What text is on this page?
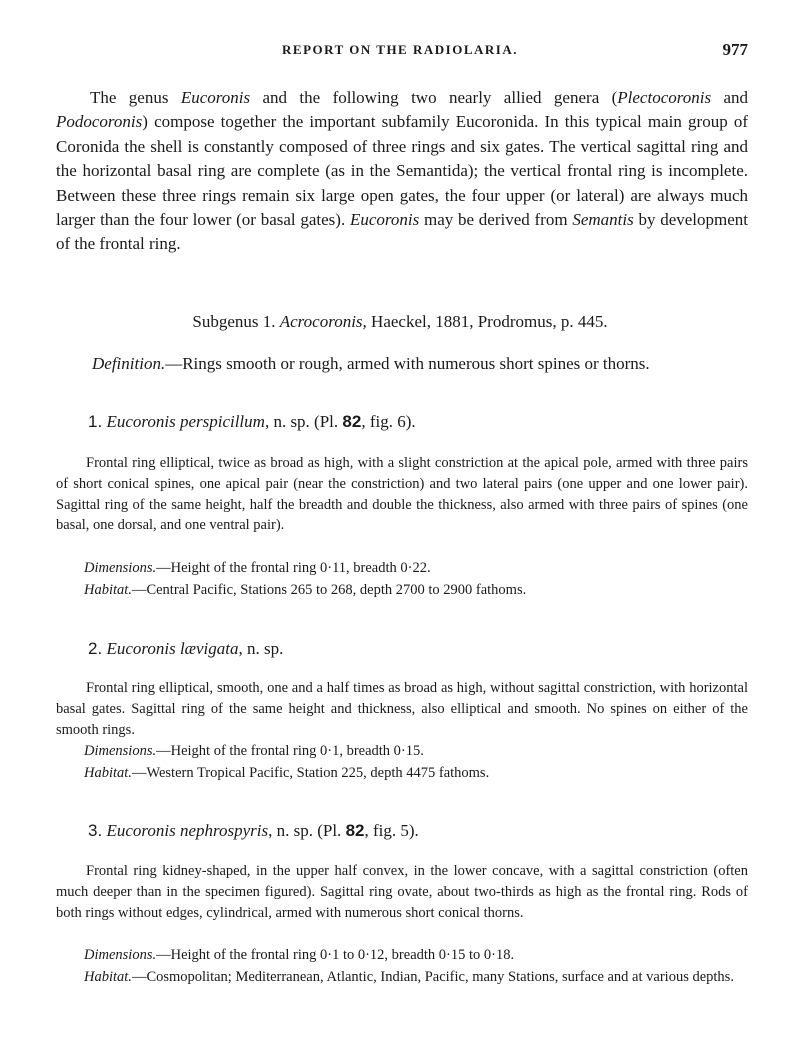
REPORT ON THE RADIOLARIA.	977

The genus Eucoronis and the following two nearly allied genera (Plectocoronis and Podocoronis) compose together the important subfamily Eucoronida. In this typical main group of Coronida the shell is constantly composed of three rings and six gates. The vertical sagittal ring and the horizontal basal ring are complete (as in the Semantida); the vertical frontal ring is incomplete. Between these three rings remain six large open gates, the four upper (or lateral) are always much larger than the four lower (or basal gates). Eucoronis may be derived from Semantis by development of the frontal ring.

Subgenus 1. Acrocoronis, Haeckel, 1881, Prodromus, p. 445.

Definition.—Rings smooth or rough, armed with numerous short spines or thorns.

1. Eucoronis perspicillum, n. sp. (Pl. 82, fig. 6).

Frontal ring elliptical, twice as broad as high, with a slight constriction at the apical pole, armed with three pairs of short conical spines, one apical pair (near the constriction) and two lateral pairs (one upper and one lower pair). Sagittal ring of the same height, half the breadth and double the thickness, also armed with three pairs of spines (one basal, one dorsal, and one ventral pair).

Dimensions.—Height of the frontal ring 0·11, breadth 0·22.

Habitat.—Central Pacific, Stations 265 to 268, depth 2700 to 2900 fathoms.

2. Eucoronis lævigata, n. sp.

Frontal ring elliptical, smooth, one and a half times as broad as high, without sagittal constriction, with horizontal basal gates. Sagittal ring of the same height and thickness, also elliptical and smooth. No spines on either of the smooth rings.

Dimensions.—Height of the frontal ring 0·1, breadth 0·15.

Habitat.—Western Tropical Pacific, Station 225, depth 4475 fathoms.

3. Eucoronis nephrospyris, n. sp. (Pl. 82, fig. 5).

Frontal ring kidney-shaped, in the upper half convex, in the lower concave, with a sagittal constriction (often much deeper than in the specimen figured). Sagittal ring ovate, about two-thirds as high as the frontal ring. Rods of both rings without edges, cylindrical, armed with numerous short conical thorns.

Dimensions.—Height of the frontal ring 0·1 to 0·12, breadth 0·15 to 0·18.

Habitat.—Cosmopolitan; Mediterranean, Atlantic, Indian, Pacific, many Stations, surface and at various depths.
